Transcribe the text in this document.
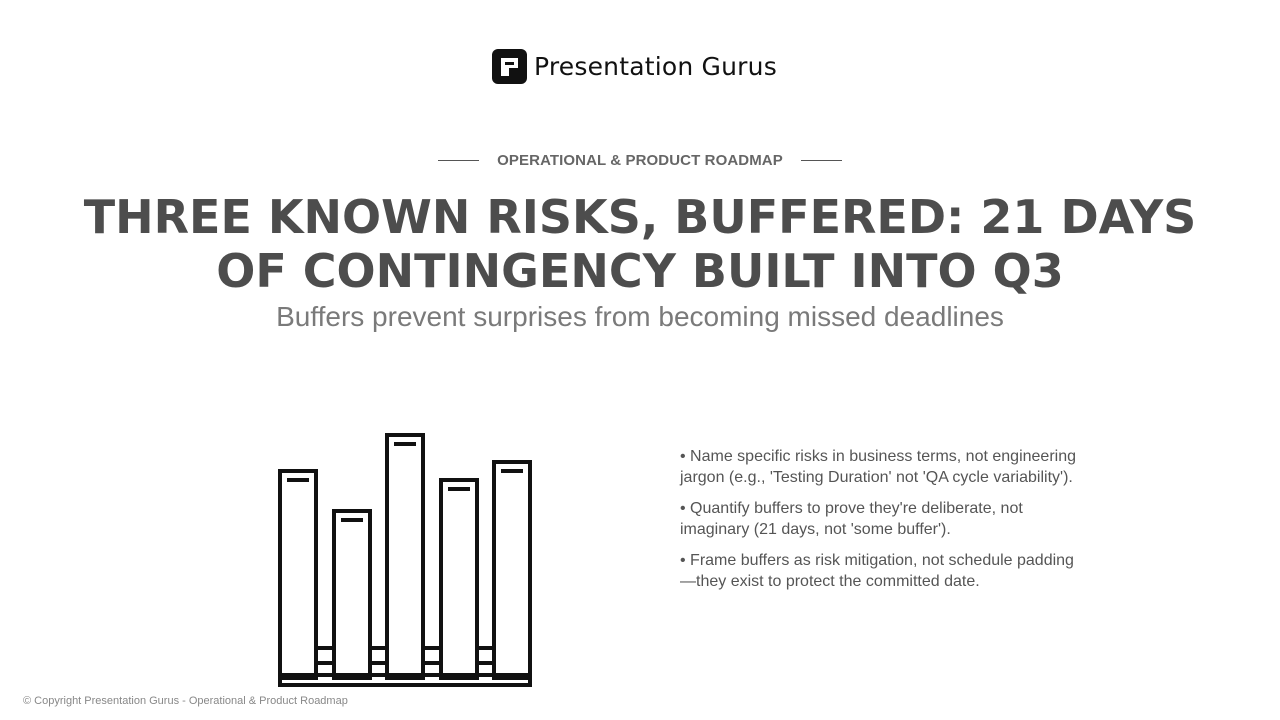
Presentation Gurus
OPERATIONAL & PRODUCT ROADMAP
THREE KNOWN RISKS, BUFFERED: 21 DAYS OF CONTINGENCY BUILT INTO Q3

Buffers prevent surprises from becoming missed deadlines

• Name specific risks in business terms, not engineering jargon (e.g., 'Testing Duration' not 'QA cycle variability').
• Quantify buffers to prove they're deliberate, not imaginary (21 days, not 'some buffer').
• Frame buffers as risk mitigation, not schedule padding—they exist to protect the committed date.
© Copyright Presentation Gurus - Operational & Product Roadmap
